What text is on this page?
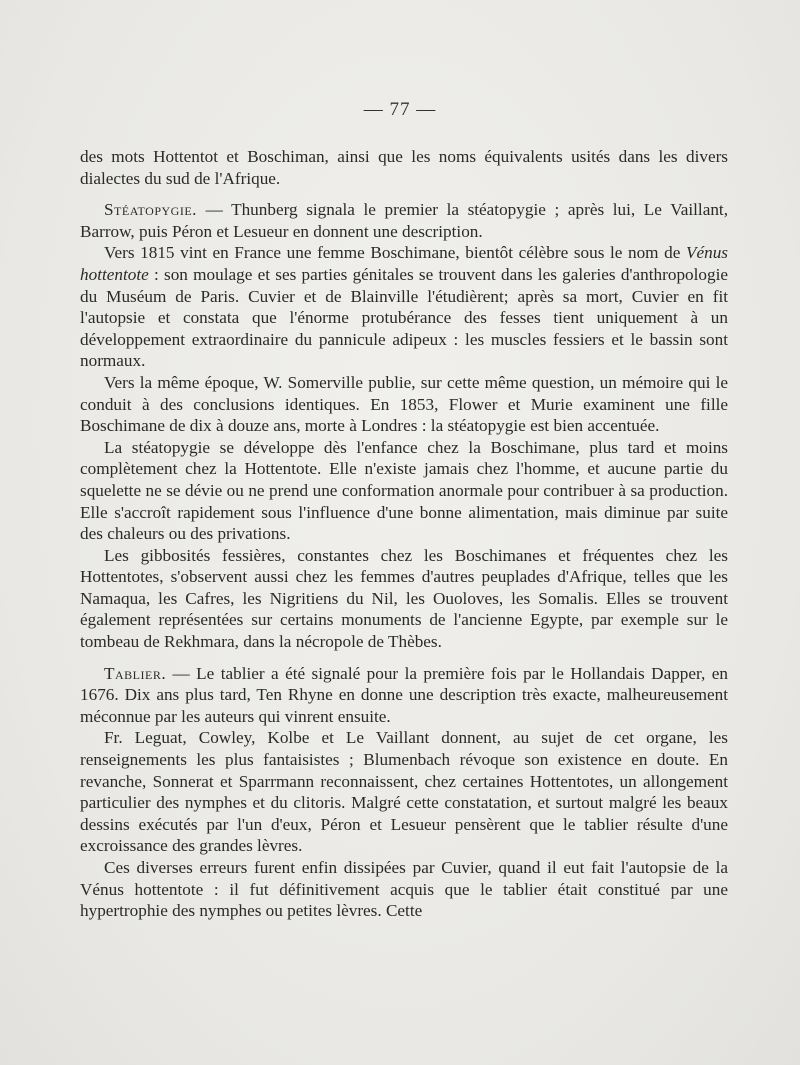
— 77 —

des mots Hottentot et Boschiman, ainsi que les noms équivalents usités dans les divers dialectes du sud de l'Afrique.

Stéatopygie. — Thunberg signala le premier la stéatopygie ; après lui, Le Vaillant, Barrow, puis Péron et Lesueur en donnent une description.

Vers 1815 vint en France une femme Boschimane, bientôt célèbre sous le nom de Vénus hottentote : son moulage et ses parties génitales se trouvent dans les galeries d'anthropologie du Muséum de Paris. Cuvier et de Blainville l'étudièrent; après sa mort, Cuvier en fit l'autopsie et constata que l'énorme protubérance des fesses tient uniquement à un développement extraordinaire du pannicule adipeux : les muscles fessiers et le bassin sont normaux.

Vers la même époque, W. Somerville publie, sur cette même question, un mémoire qui le conduit à des conclusions identiques. En 1853, Flower et Murie examinent une fille Boschimane de dix à douze ans, morte à Londres : la stéatopygie est bien accentuée.

La stéatopygie se développe dès l'enfance chez la Boschimane, plus tard et moins complètement chez la Hottentote. Elle n'existe jamais chez l'homme, et aucune partie du squelette ne se dévie ou ne prend une conformation anormale pour contribuer à sa production. Elle s'accroît rapidement sous l'influence d'une bonne alimentation, mais diminue par suite des chaleurs ou des privations.

Les gibbosités fessières, constantes chez les Boschimanes et fréquentes chez les Hottentotes, s'observent aussi chez les femmes d'autres peuplades d'Afrique, telles que les Namaqua, les Cafres, les Nigritiens du Nil, les Ouoloves, les Somalis. Elles se trouvent également représentées sur certains monuments de l'ancienne Egypte, par exemple sur le tombeau de Rekhmara, dans la nécropole de Thèbes.

Tablier. — Le tablier a été signalé pour la première fois par le Hollandais Dapper, en 1676. Dix ans plus tard, Ten Rhyne en donne une description très exacte, malheureusement méconnue par les auteurs qui vinrent ensuite.

Fr. Leguat, Cowley, Kolbe et Le Vaillant donnent, au sujet de cet organe, les renseignements les plus fantaisistes ; Blumenbach révoque son existence en doute. En revanche, Sonnerat et Sparrmann reconnaissent, chez certaines Hottentotes, un allongement particulier des nymphes et du clitoris. Malgré cette constatation, et surtout malgré les beaux dessins exécutés par l'un d'eux, Péron et Lesueur pensèrent que le tablier résulte d'une excroissance des grandes lèvres.

Ces diverses erreurs furent enfin dissipées par Cuvier, quand il eut fait l'autopsie de la Vénus hottentote : il fut définitivement acquis que le tablier était constitué par une hypertrophie des nymphes ou petites lèvres. Cette
